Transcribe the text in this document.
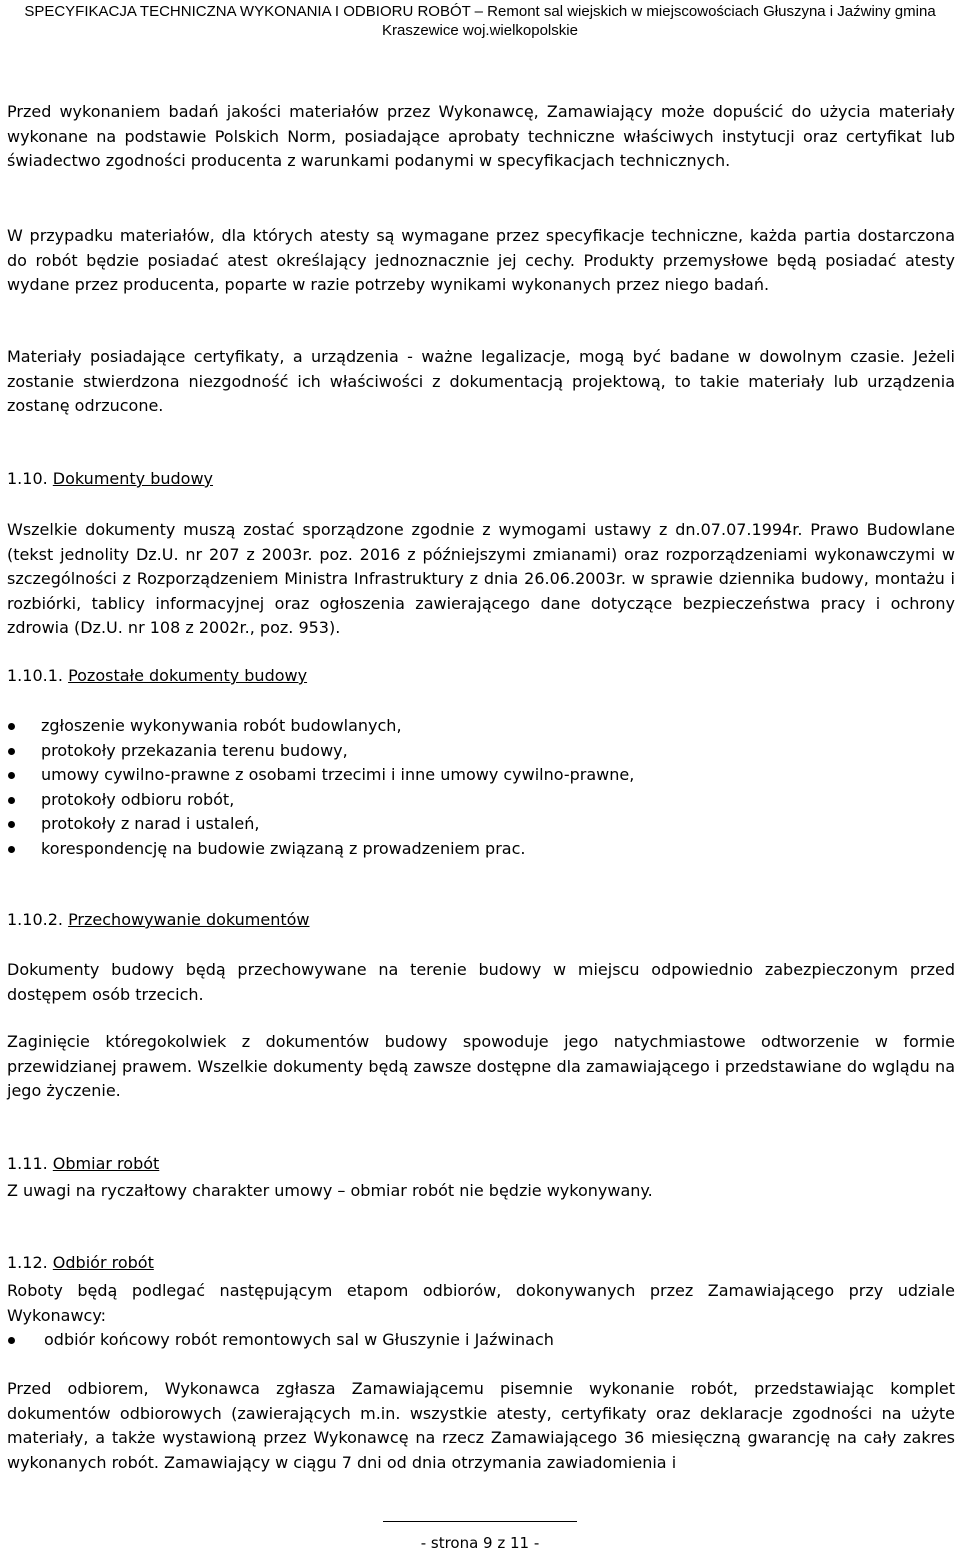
SPECYFIKACJA TECHNICZNA WYKONANIA I ODBIORU ROBÓT – Remont sal wiejskich w miejscowościach Głuszyna i Jaźwiny gmina
Kraszewice woj.wielkopolskie

Przed wykonaniem badań jakości materiałów przez Wykonawcę, Zamawiający może dopuścić do użycia materiały wykonane na podstawie Polskich Norm, posiadające aprobaty techniczne właściwych instytucji oraz certyfikat lub świadectwo zgodności producenta z warunkami podanymi w specyfikacjach technicznych.

W przypadku materiałów, dla których atesty są wymagane przez specyfikacje techniczne, każda partia dostarczona do robót będzie posiadać atest określający jednoznacznie jej cechy. Produkty przemysłowe będą posiadać atesty wydane przez producenta, poparte w razie potrzeby wynikami wykonanych przez niego badań.

Materiały posiadające certyfikaty, a urządzenia - ważne legalizacje, mogą być badane w dowolnym czasie. Jeżeli zostanie stwierdzona niezgodność ich właściwości z dokumentacją projektową, to takie materiały lub urządzenia zostanę odrzucone.

1.10. Dokumenty budowy

Wszelkie dokumenty muszą zostać sporządzone zgodnie z wymogami ustawy z dn.07.07.1994r. Prawo Budowlane (tekst jednolity Dz.U. nr 207 z 2003r. poz. 2016 z późniejszymi zmianami) oraz rozporządzeniami wykonawczymi w szczególności z Rozporządzeniem Ministra Infrastruktury z dnia 26.06.2003r. w sprawie dziennika budowy, montażu i rozbiórki, tablicy informacyjnej oraz ogłoszenia zawierającego dane dotyczące bezpieczeństwa pracy i ochrony zdrowia (Dz.U. nr 108 z 2002r., poz. 953).

1.10.1. Pozostałe dokumenty budowy
zgłoszenie wykonywania robót budowlanych,
protokoły przekazania terenu budowy,
umowy cywilno-prawne z osobami trzecimi i inne umowy cywilno-prawne,
protokoły odbioru robót,
protokoły z narad i ustaleń,
korespondencję na budowie związaną z prowadzeniem prac.
1.10.2. Przechowywanie dokumentów

Dokumenty budowy będą przechowywane na terenie budowy w miejscu odpowiednio zabezpieczonym przed dostępem osób trzecich.

Zaginięcie któregokolwiek z dokumentów budowy spowoduje jego natychmiastowe odtworzenie w formie przewidzianej prawem. Wszelkie dokumenty będą zawsze dostępne dla zamawiającego i przedstawiane do wglądu na jego życzenie.

1.11. Obmiar robót

Z uwagi na ryczałtowy charakter umowy – obmiar robót nie będzie wykonywany.

1.12. Odbiór robót

Roboty będą podlegać następującym etapom odbiorów, dokonywanych przez Zamawiającego przy udziale Wykonawcy:

odbiór końcowy robót remontowych sal w Głuszynie i Jaźwinach

Przed odbiorem, Wykonawca zgłasza Zamawiającemu pisemnie wykonanie robót, przedstawiając komplet dokumentów odbiorowych (zawierających m.in. wszystkie atesty, certyfikaty oraz deklaracje zgodności na użyte materiały, a także wystawioną przez Wykonawcę na rzecz Zamawiającego 36 miesięczną gwarancję na cały zakres wykonanych robót. Zamawiający w ciągu 7 dni od dnia otrzymania zawiadomienia i

- strona 9 z 11 -
